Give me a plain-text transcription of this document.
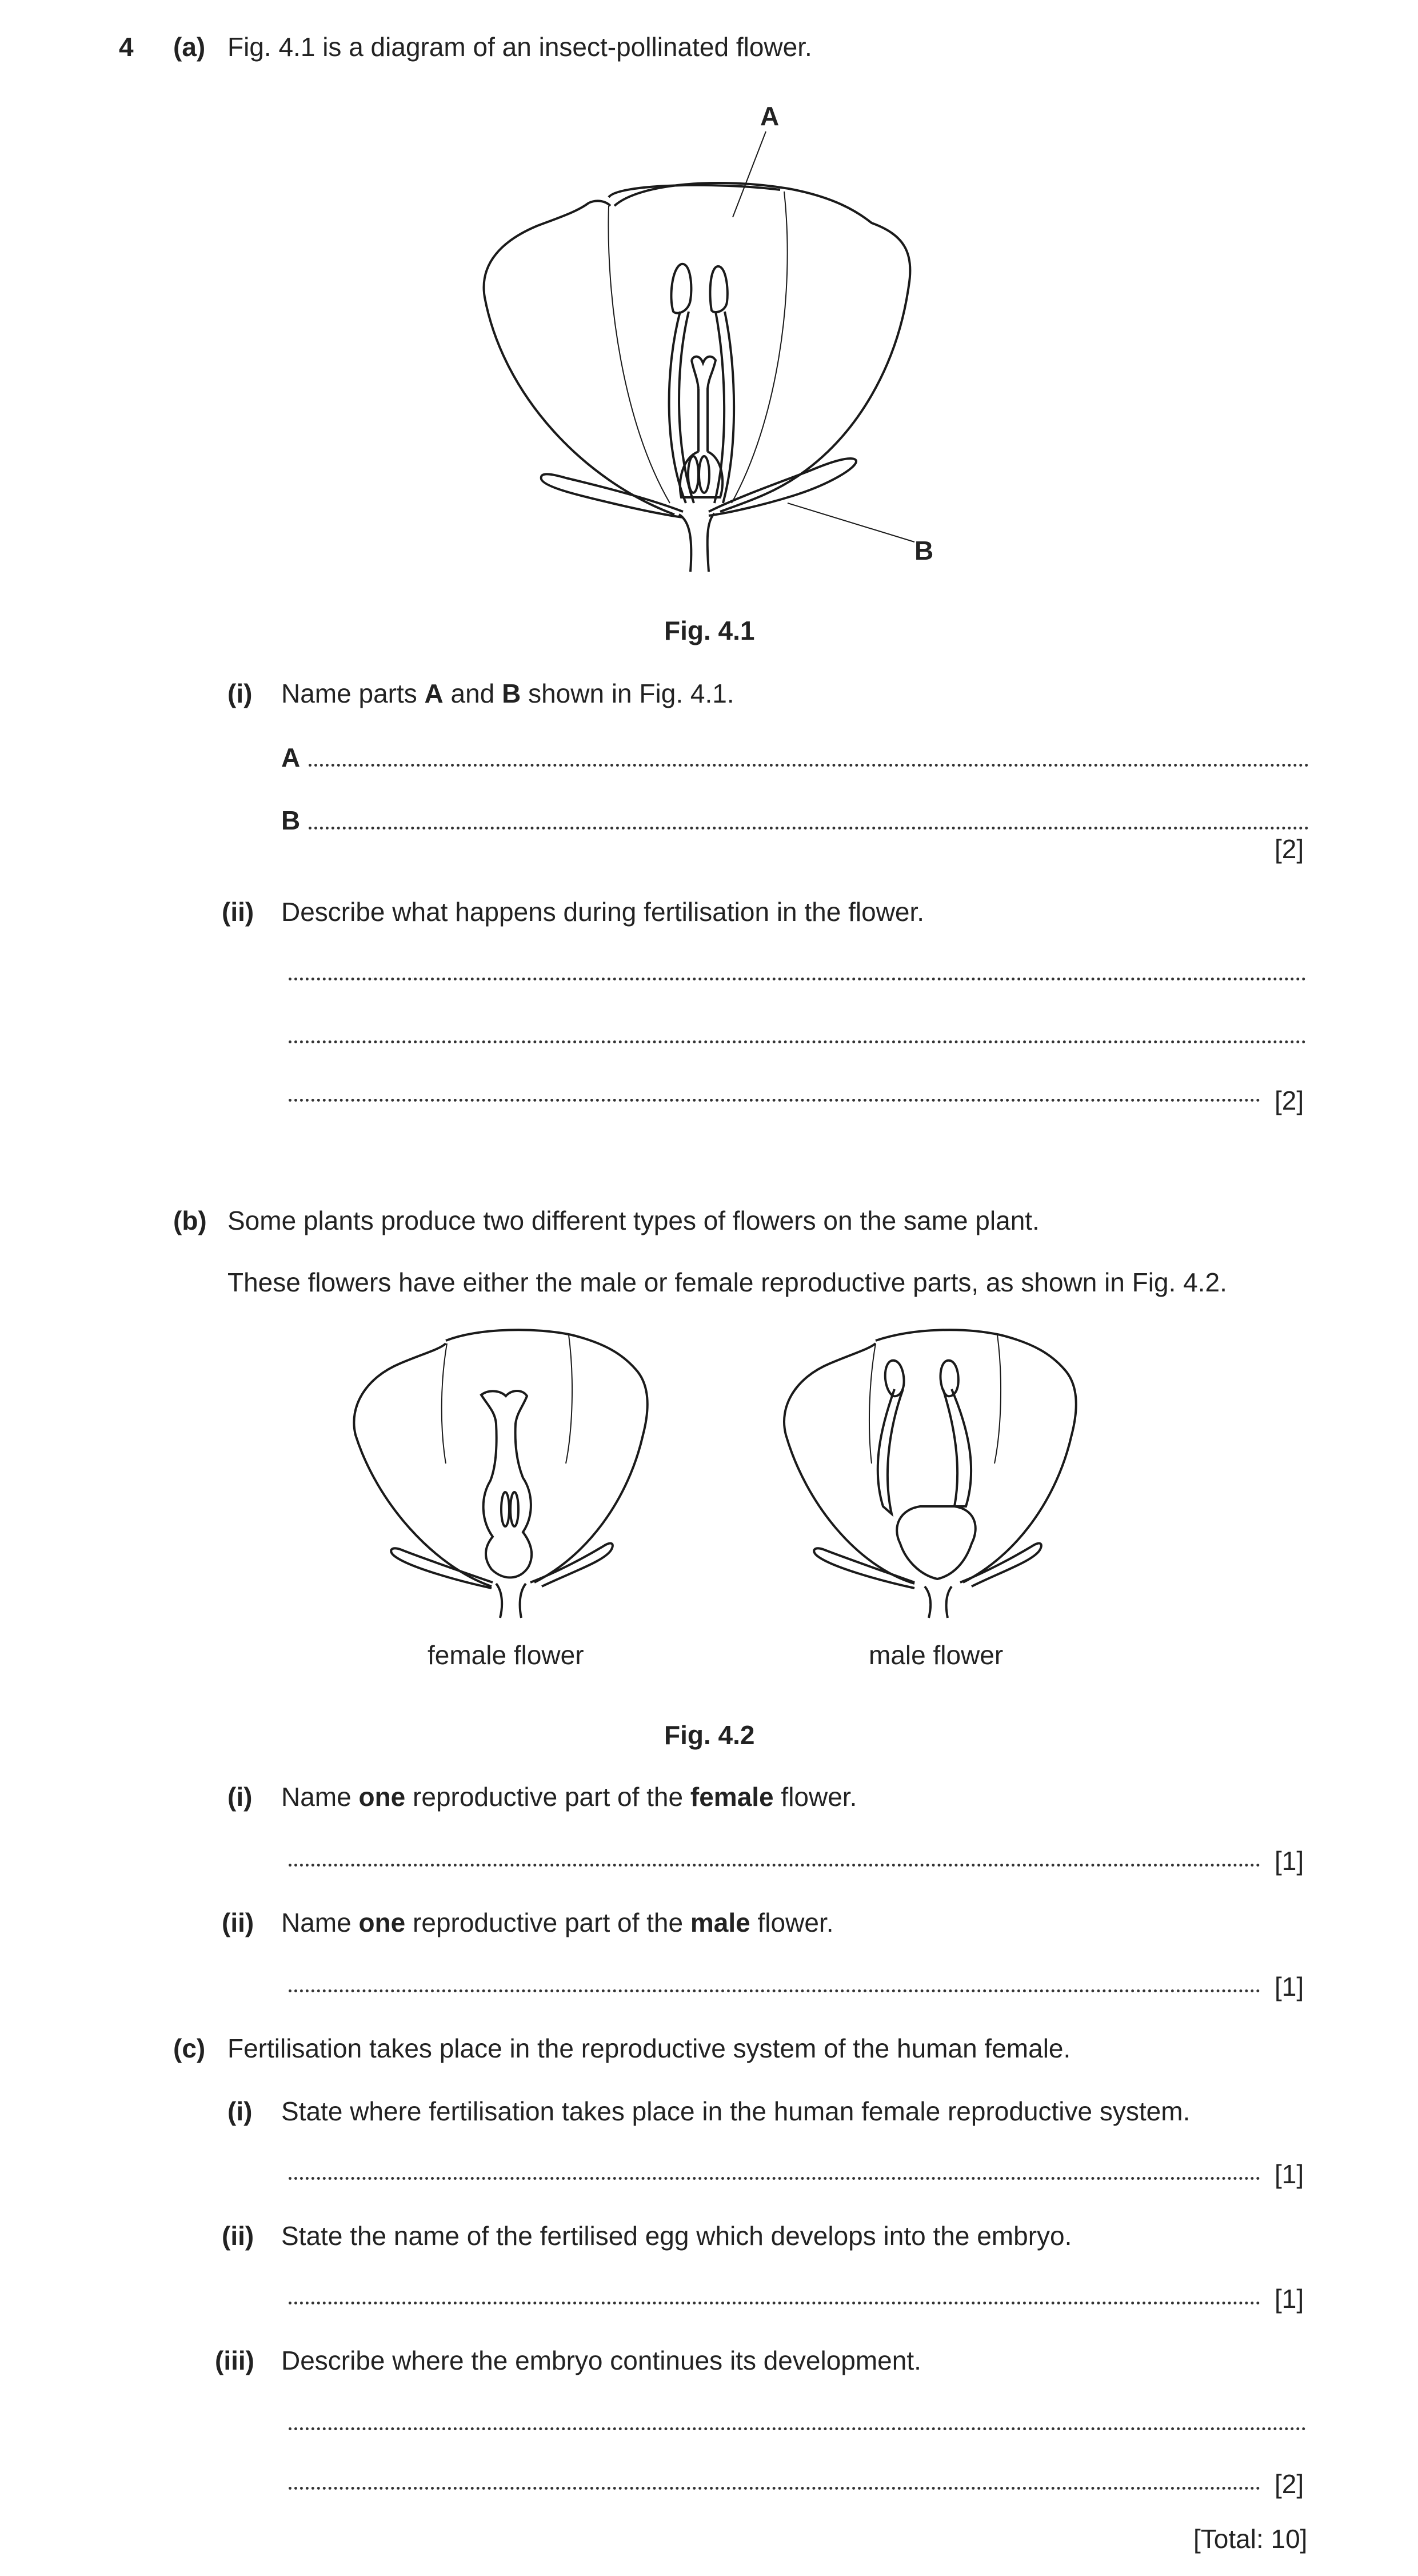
4 (a) Fig. 4.1 is a diagram of an insect-pollinated flower.
A
B
Fig. 4.1
(i) Name parts A and B shown in Fig. 4.1.
A
B
[2]
(ii) Describe what happens during fertilisation in the flower.
[2]
(b) Some plants produce two different types of flowers on the same plant.
These flowers have either the male or female reproductive parts, as shown in Fig. 4.2.
female flower	male flower
Fig. 4.2
(i) Name one reproductive part of the female flower.
[1]
(ii) Name one reproductive part of the male flower.
[1]
(c) Fertilisation takes place in the reproductive system of the human female.
(i) State where fertilisation takes place in the human female reproductive system.
[1]
(ii) State the name of the fertilised egg which develops into the embryo.
[1]
(iii) Describe where the embryo continues its development.
[2]
[Total: 10]
